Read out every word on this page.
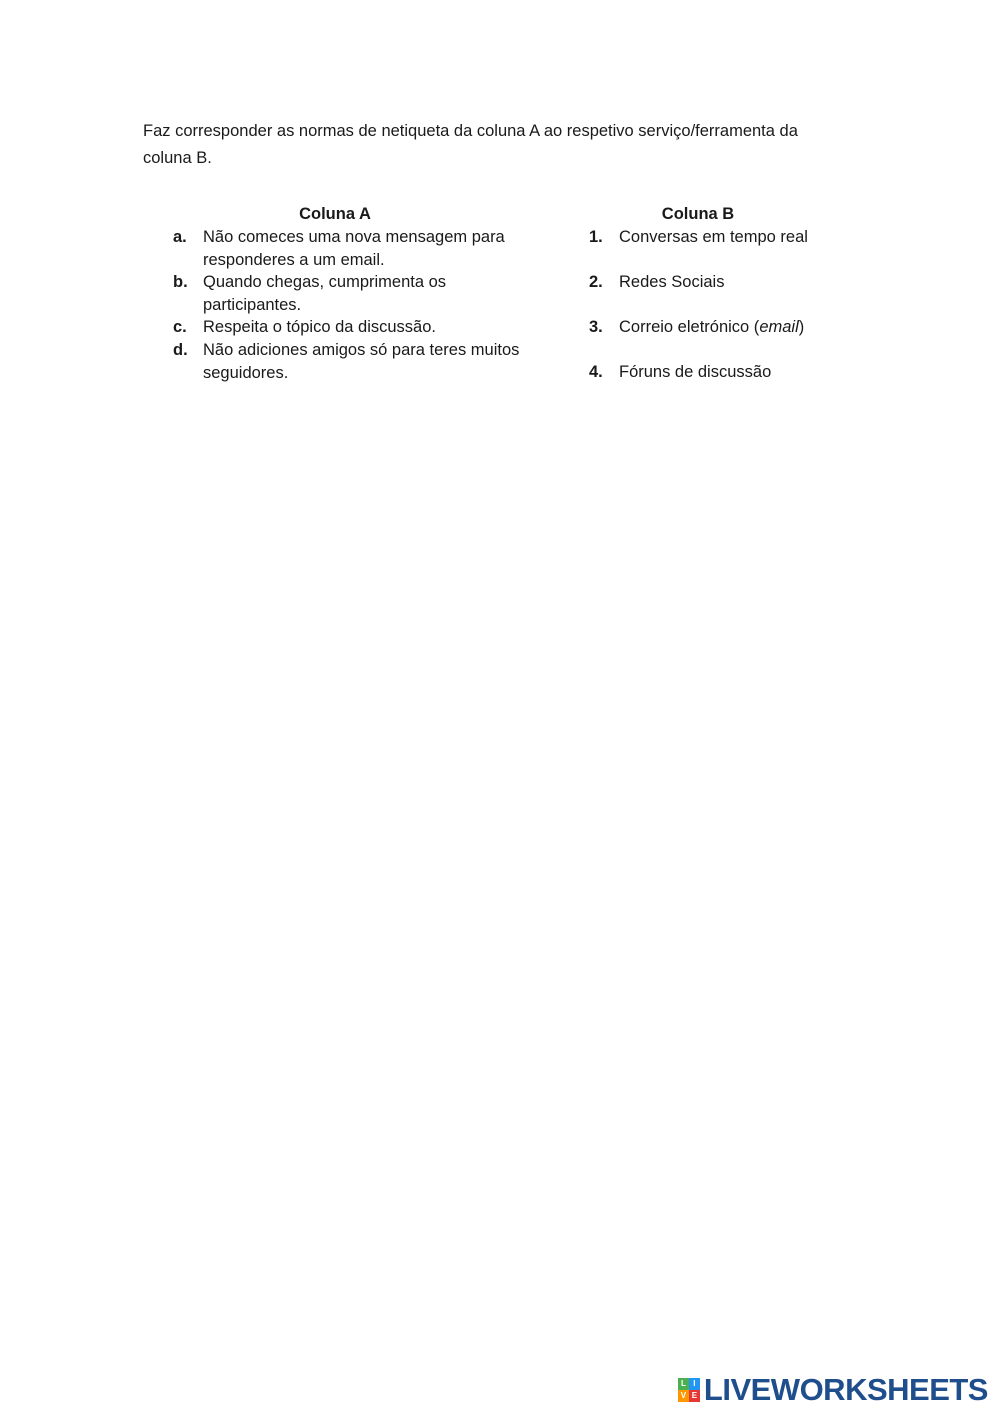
Faz corresponder as normas de netiqueta da coluna A ao respetivo serviço/ferramenta da coluna B.

Coluna A	Coluna B
a. Não comeces uma nova mensagem para responderes a um email.
b. Quando chegas, cumprimenta os participantes.
c. Respeita o tópico da discussão.
d. Não adiciones amigos só para teres muitos seguidores.
1. Conversas em tempo real
2. Redes Sociais
3. Correio eletrónico (email)
4. Fóruns de discussão
L I
V E LIVEWORKSHEETS
